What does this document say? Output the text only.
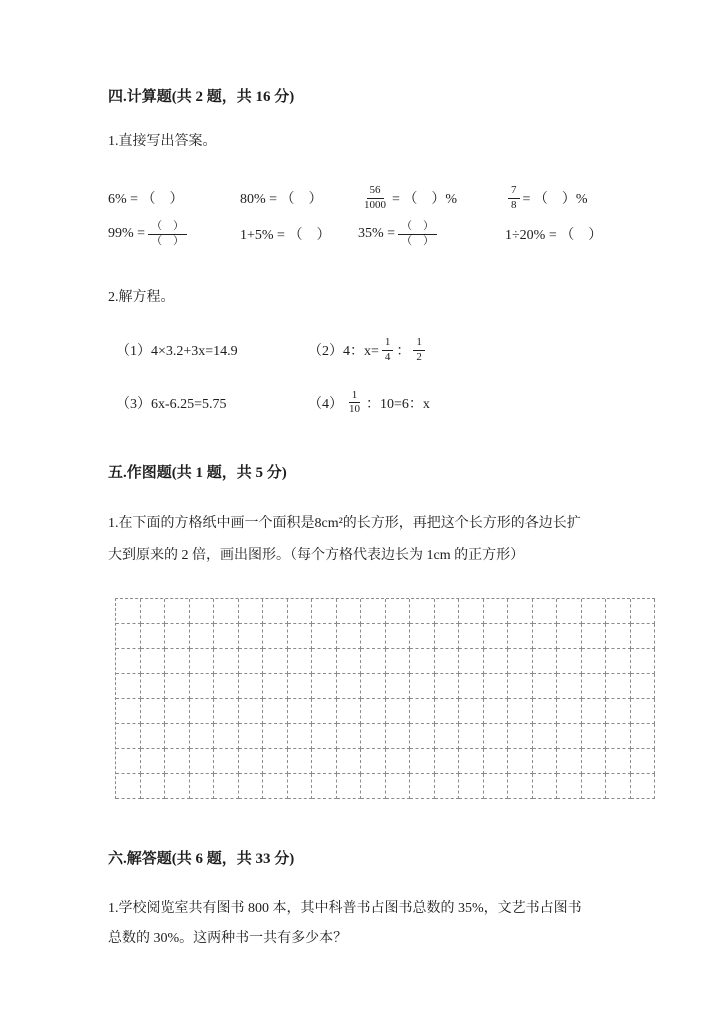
四.计算题(共 2 题，共 16 分)

1.直接写出答案。

6% = （　）	80% = （　）	$\frac{56}{1000}$ = （　）%	$\frac{7}{8}$ = （　）%
$99\% = \frac{( )}{( )}$	1+5% = （　）	$35\% = \frac{( )}{( )}$	1÷20% = （　）

2.解方程。

（1）4×3.2+3x=14.9	（2）4：$x= \frac{1}{4}$ ： $\frac{1}{2}$
（3）6x-6.25=5.75	$(4) \frac{1}{10}$ ：10=6：x

五.作图题(共 1 题，共 5 分)

1.在下面的方格纸中画一个面积是8cm²的长方形，再把这个长方形的各边长扩

大到原来的 2 倍，画出图形。（每个方格代表边长为 1cm 的正方形）

六.解答题(共 6 题，共 33 分)

1.学校阅览室共有图书 800 本，其中科普书占图书总数的 35%，文艺书占图书

总数的 30%。这两种书一共有多少本？
